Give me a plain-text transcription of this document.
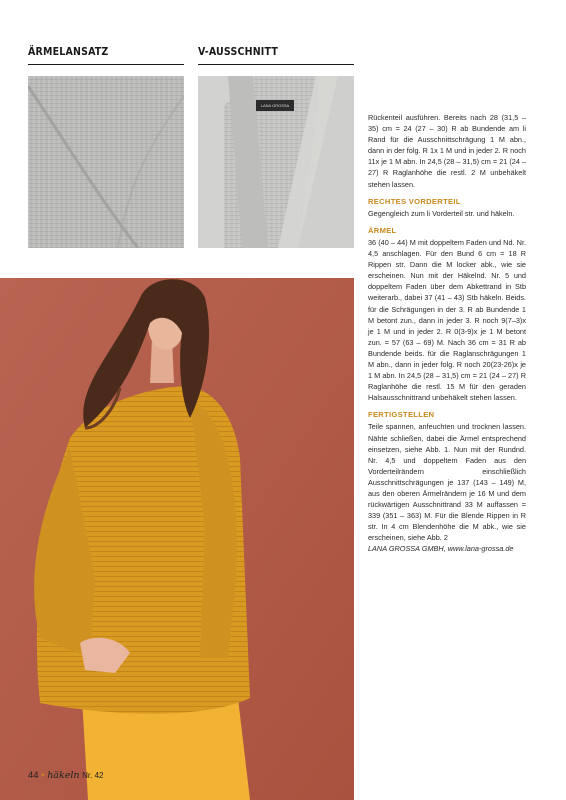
ÄRMELANSATZ	V-AUSSCHNITT
LANA GROSSA

Rückenteil ausführen. Bereits nach 28 (31,5 – 35) cm = 24 (27 – 30) R ab Bundende am li Rand für die Ausschnittschrägung 1 M abn., dann in der folg. R 1x 1 M und in jeder 2. R noch 11x je 1 M abn. In 24,5 (28 – 31,5) cm = 21 (24 – 27) R Raglanhöhe die restl. 2 M unbehäkelt stehen lassen.

RECHTES VORDERTEIL

Gegengleich zum li Vorderteil str. und häkeln.

ÄRMEL

36 (40 – 44) M mit doppeltem Faden und Nd. Nr. 4,5 anschlagen. Für den Bund 6 cm = 18 R Rippen str. Dann die M locker abk., wie sie erscheinen. Nun mit der Häkelnd. Nr. 5 und doppeltem Faden über dem Abkettrand in Stb weiterarb., dabei 37 (41 – 43) Stb häkeln. Beids. für die Schrägungen in der 3. R ab Bundende 1 M betont zun., dann in jeder 3. R noch 9(7–3)x je 1 M und in jeder 2. R 0(3-9)x je 1 M betont zun. = 57 (63 – 69) M. Nach 36 cm = 31 R ab Bundende beids. für die Raglanschrägungen 1 M abn., dann in jeder folg. R noch 20(23-26)x je 1 M abn. In 24,5 (28 – 31,5) cm = 21 (24 – 27) R Raglanhöhe die restl. 15 M für den geraden Halsausschnittrand unbehäkelt stehen lassen.

FERTIGSTELLEN

Teile spannen, anfeuchten und trocknen lassen. Nähte schließen, dabei die Ärmel entsprechend einsetzen, siehe Abb. 1. Nun mit der Rundnd. Nr. 4,5 und doppeltem Faden aus den Vorderteilrändern einschließlich Ausschnittschrägungen je 137 (143 – 149) M, aus den oberen Ärmelrändern je 16 M und dem rückwärtigen Ausschnittrand 33 M auffassen = 339 (351 – 363) M. Für die Blende Rippen in R str. In 4 cm Blendenhöhe die M abk., wie sie erscheinen, siehe Abb. 2

LANA GROSSA GMBH, www.lana-grossa.de

44 • häkeln Nr. 42
PassionForum.ru
